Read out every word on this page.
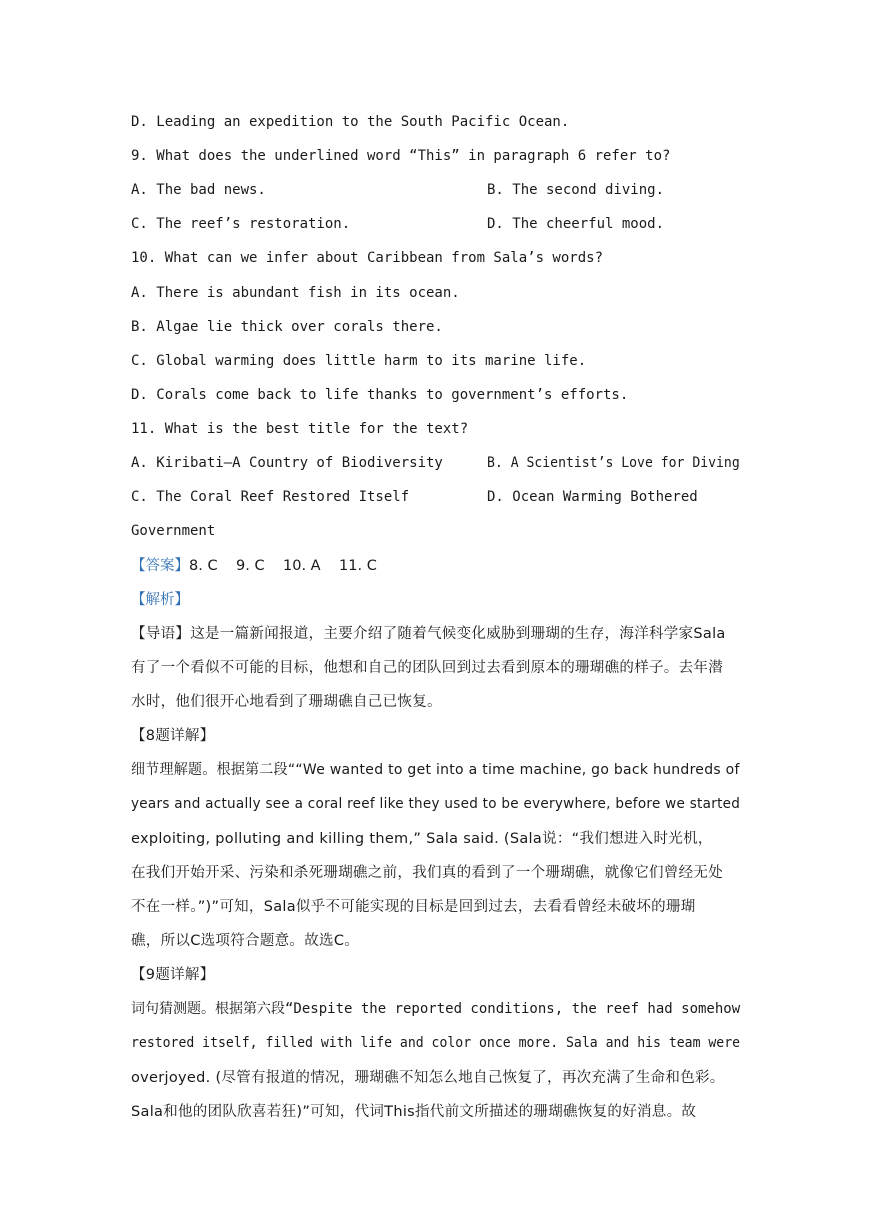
D. Leading an expedition to the South Pacific Ocean.
9. What does the underlined word “This” in paragraph 6 refer to?
A. The bad news.	B. The second diving.
C. The reef’s restoration.	D. The cheerful mood.
10. What can we infer about Caribbean from Sala’s words?
A. There is abundant fish in its ocean.
B. Algae lie thick over corals there.
C. Global warming does little harm to its marine life.
D. Corals come back to life thanks to government’s efforts.
11. What is the best title for the text?
A. Kiribati—A Country of Biodiversity	B. A Scientist’s Love for Diving
C. The Coral Reef Restored Itself	D. Ocean Warming Bothered
Government
【答案】8. C    9. C    10. A    11. C
【解析】
【导语】这是一篇新闻报道，主要介绍了随着气候变化威胁到珊瑚的生存，海洋科学家Sala
有了一个看似不可能的目标，他想和自己的团队回到过去看到原本的珊瑚礁的样子。去年潜
水时，他们很开心地看到了珊瑚礁自己已恢复。
【8题详解】
细节理解题。根据第二段““We wanted to get into a time machine, go back hundreds of
years and actually see a coral reef like they used to be everywhere, before we started
exploiting, polluting and killing them,” Sala said. (Sala说：“我们想进入时光机，
在我们开始开采、污染和杀死珊瑚礁之前，我们真的看到了一个珊瑚礁，就像它们曾经无处
不在一样。”)”可知，Sala似乎不可能实现的目标是回到过去，去看看曾经未破坏的珊瑚
礁，所以C选项符合题意。故选C。
【9题详解】
词句猜测题。根据第六段“Despite the reported conditions, the reef had somehow
restored itself, filled with life and color once more. Sala and his team were
overjoyed. (尽管有报道的情况，珊瑚礁不知怎么地自己恢复了，再次充满了生命和色彩。
Sala和他的团队欣喜若狂)”可知，代词This指代前文所描述的珊瑚礁恢复的好消息。故
